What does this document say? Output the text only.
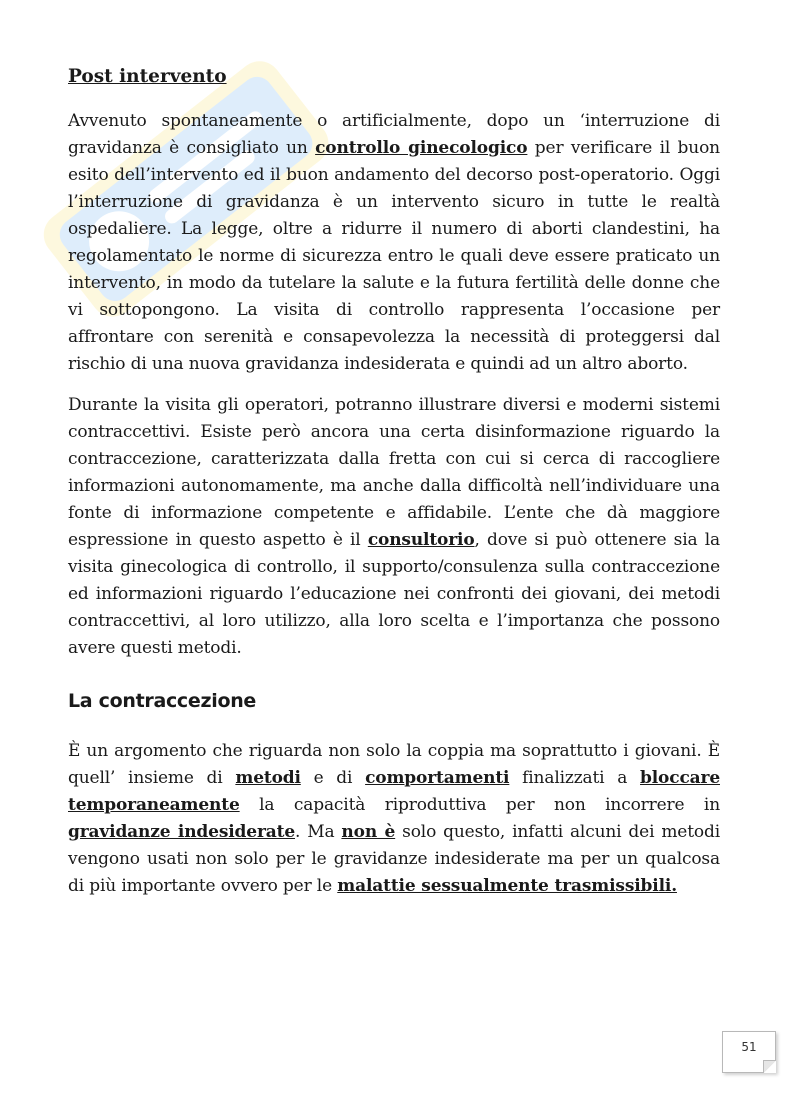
Post intervento

Avvenuto spontaneamente o artificialmente, dopo un ‘interruzione di gravidanza è consigliato un controllo ginecologico per verificare il buon esito dell’intervento ed il buon andamento del decorso post-operatorio. Oggi l’interruzione di gravidanza è un intervento sicuro in tutte le realtà ospedaliere. La legge, oltre a ridurre il numero di aborti clandestini, ha regolamentato le norme di sicurezza entro le quali deve essere praticato un intervento, in modo da tutelare la salute e la futura fertilità delle donne che vi sottopongono. La visita di controllo rappresenta l’occasione per affrontare con serenità e consapevolezza la necessità di proteggersi dal rischio di una nuova gravidanza indesiderata e quindi ad un altro aborto.

Durante la visita gli operatori, potranno illustrare diversi e moderni sistemi contraccettivi. Esiste però ancora una certa disinformazione riguardo la contraccezione, caratterizzata dalla fretta con cui si cerca di raccogliere informazioni autonomamente, ma anche dalla difficoltà nell’individuare una fonte di informazione competente e affidabile. L’ente che dà maggiore espressione in questo aspetto è il consultorio, dove si può ottenere sia la visita ginecologica di controllo, il supporto/consulenza sulla contraccezione ed informazioni riguardo l’educazione nei confronti dei giovani, dei metodi contraccettivi, al loro utilizzo, alla loro scelta e l’importanza che possono avere questi metodi.

La contraccezione

È un argomento che riguarda non solo la coppia ma soprattutto i giovani. È quell’ insieme di metodi e di comportamenti finalizzati a bloccare temporaneamente la capacità riproduttiva per non incorrere in gravidanze indesiderate. Ma non è solo questo, infatti alcuni dei metodi vengono usati non solo per le gravidanze indesiderate ma per un qualcosa di più importante ovvero per le malattie sessualmente trasmissibili.

51
